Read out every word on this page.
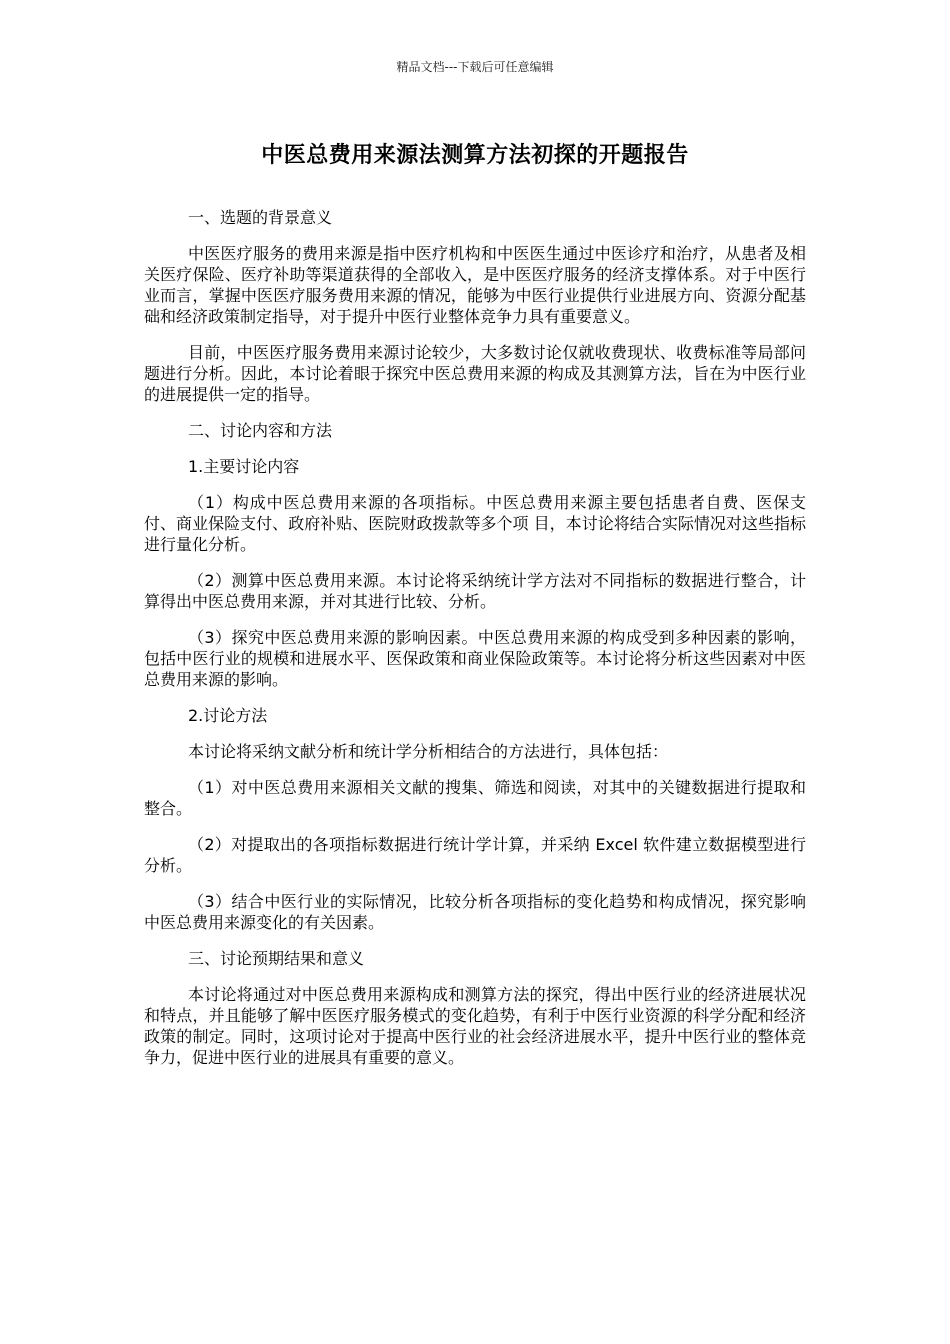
精品文档---下载后可任意编辑
中医总费用来源法测算方法初探的开题报告

一、选题的背景意义

中医医疗服务的费用来源是指中医疗机构和中医医生通过中医诊疗和治疗，从患者及相关医疗保险、医疗补助等渠道获得的全部收入，是中医医疗服务的经济支撑体系。对于中医行业而言，掌握中医医疗服务费用来源的情况，能够为中医行业提供行业进展方向、资源分配基础和经济政策制定指导，对于提升中医行业整体竞争力具有重要意义。

目前，中医医疗服务费用来源讨论较少，大多数讨论仅就收费现状、收费标准等局部问题进行分析。因此，本讨论着眼于探究中医总费用来源的构成及其测算方法，旨在为中医行业的进展提供一定的指导。

二、讨论内容和方法

1.主要讨论内容

（1）构成中医总费用来源的各项指标。中医总费用来源主要包括患者自费、医保支付、商业保险支付、政府补贴、医院财政拨款等多个项 目，本讨论将结合实际情况对这些指标进行量化分析。

（2）测算中医总费用来源。本讨论将采纳统计学方法对不同指标的数据进行整合，计算得出中医总费用来源，并对其进行比较、分析。

（3）探究中医总费用来源的影响因素。中医总费用来源的构成受到多种因素的影响，包括中医行业的规模和进展水平、医保政策和商业保险政策等。本讨论将分析这些因素对中医总费用来源的影响。

2.讨论方法

本讨论将采纳文献分析和统计学分析相结合的方法进行，具体包括：

（1）对中医总费用来源相关文献的搜集、筛选和阅读，对其中的关键数据进行提取和整合。

（2）对提取出的各项指标数据进行统计学计算，并采纳 Excel 软件建立数据模型进行分析。

（3）结合中医行业的实际情况，比较分析各项指标的变化趋势和构成情况，探究影响中医总费用来源变化的有关因素。

三、讨论预期结果和意义

本讨论将通过对中医总费用来源构成和测算方法的探究，得出中医行业的经济进展状况和特点，并且能够了解中医医疗服务模式的变化趋势，有利于中医行业资源的科学分配和经济政策的制定。同时，这项讨论对于提高中医行业的社会经济进展水平，提升中医行业的整体竞争力，促进中医行业的进展具有重要的意义。
